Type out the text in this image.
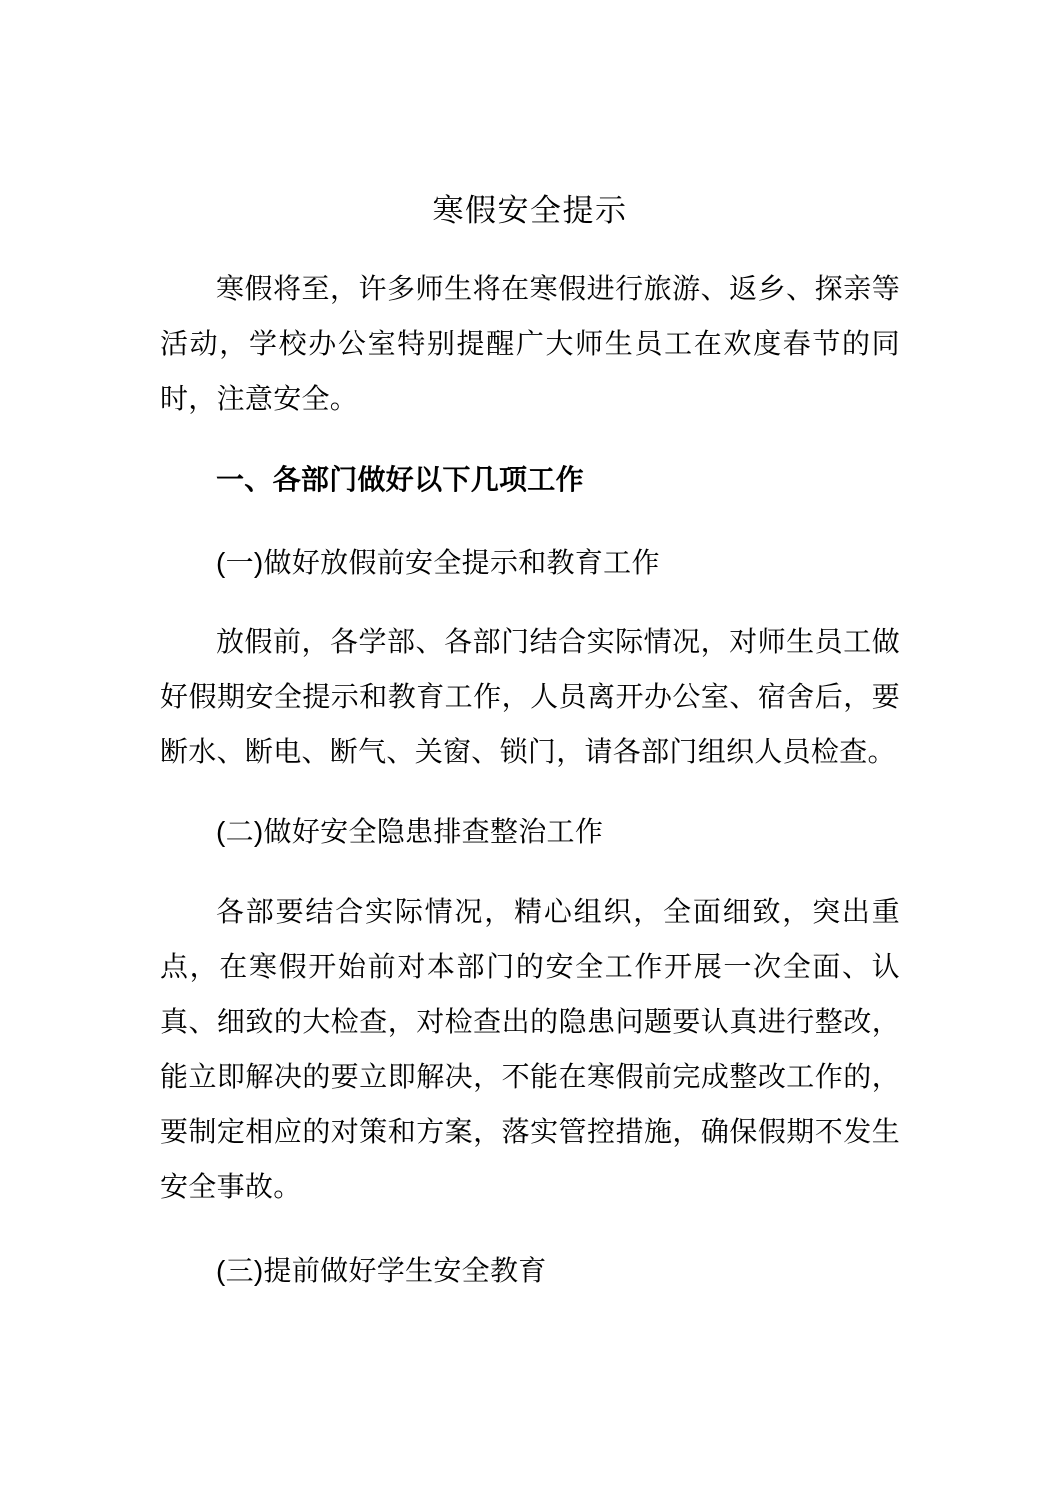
寒假安全提示
寒假将至，许多师生将在寒假进行旅游、返乡、探亲等活动，学校办公室特别提醒广大师生员工在欢度春节的同时，注意安全。
一、各部门做好以下几项工作
(一)做好放假前安全提示和教育工作
放假前，各学部、各部门结合实际情况，对师生员工做好假期安全提示和教育工作，人员离开办公室、宿舍后，要断水、断电、断气、关窗、锁门，请各部门组织人员检查。
(二)做好安全隐患排查整治工作
各部要结合实际情况，精心组织，全面细致，突出重点，在寒假开始前对本部门的安全工作开展一次全面、认真、细致的大检查，对检查出的隐患问题要认真进行整改，能立即解决的要立即解决，不能在寒假前完成整改工作的，要制定相应的对策和方案，落实管控措施，确保假期不发生安全事故。
(三)提前做好学生安全教育
